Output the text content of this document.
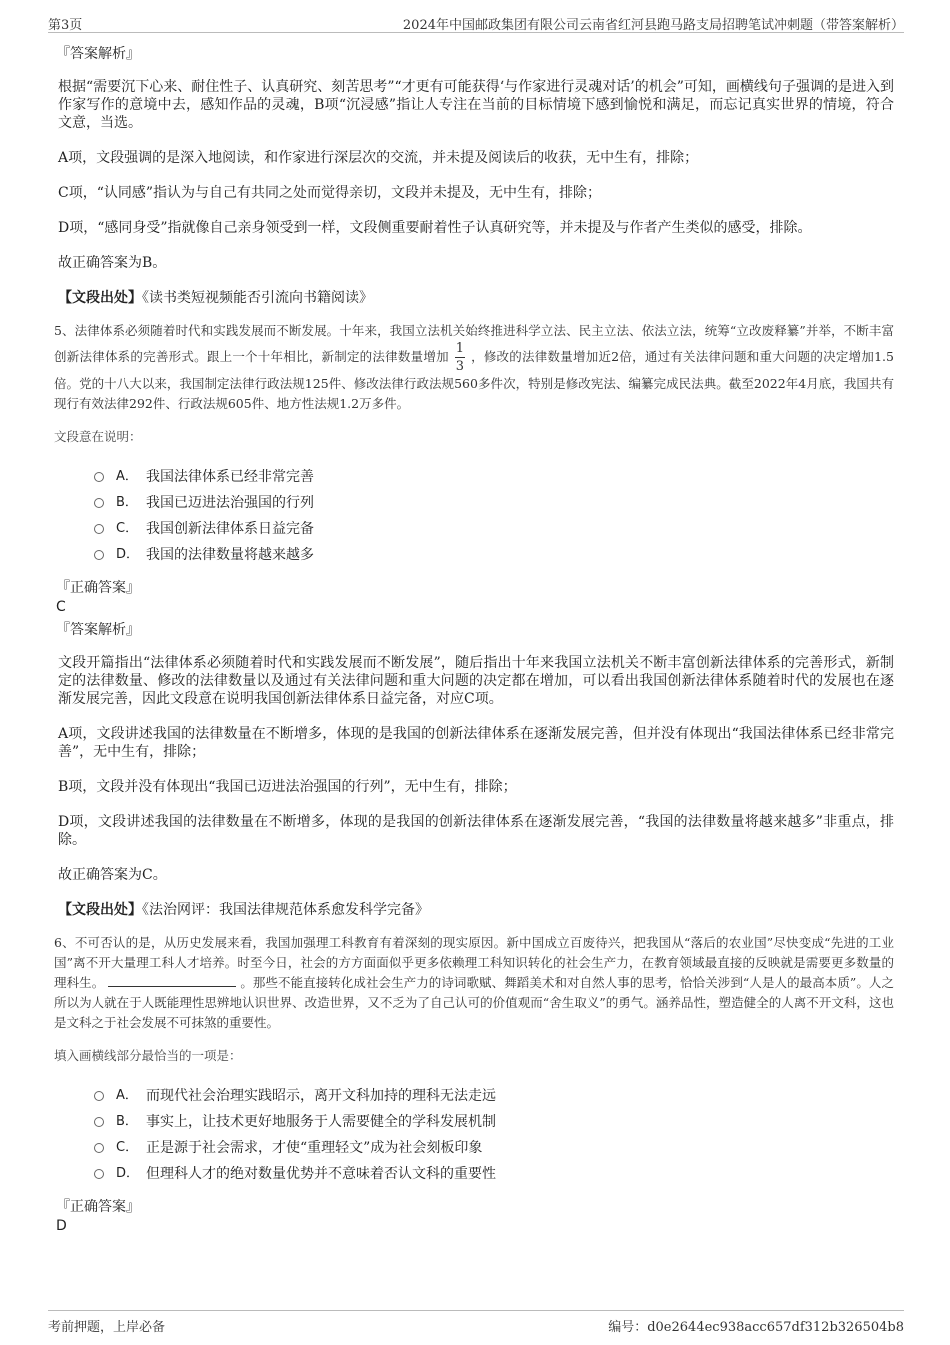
第3页	2024年中国邮政集团有限公司云南省红河县跑马路支局招聘笔试冲刺题（带答案解析）
『答案解析』

根据“需要沉下心来、耐住性子、认真研究、刻苦思考”“才更有可能获得‘与作家进行灵魂对话’的机会”可知，画横线句子强调的是进入到作家写作的意境中去，感知作品的灵魂，B项“沉浸感”指让人专注在当前的目标情境下感到愉悦和满足，而忘记真实世界的情境，符合文意，当选。

A项，文段强调的是深入地阅读，和作家进行深层次的交流，并未提及阅读后的收获，无中生有，排除；

C项，“认同感”指认为与自己有共同之处而觉得亲切，文段并未提及，无中生有，排除；

D项，“感同身受”指就像自己亲身领受到一样，文段侧重要耐着性子认真研究等，并未提及与作者产生类似的感受，排除。

故正确答案为B。

【文段出处】《读书类短视频能否引流向书籍阅读》

5、法律体系必须随着时代和实践发展而不断发展。十年来，我国立法机关始终推进科学立法、民主立法、依法立法，统筹“立改废释纂”并举，不断丰富创新法律体系的完善形式。跟上一个十年相比，新制定的法律数量增加 $\frac{1}{3}$ ，修改的法律数量增加近2倍，通过有关法律问题和重大问题的决定增加1.5倍。党的十八大以来，我国制定法律行政法规125件、修改法律行政法规560多件次，特别是修改宪法、编纂完成民法典。截至2022年4月底，我国共有现行有效法律292件、行政法规605件、地方性法规1.2万多件。

文段意在说明：

A． 我国法律体系已经非常完善
B． 我国已迈进法治强国的行列
C． 我国创新法律体系日益完备
D． 我国的法律数量将越来越多
『正确答案』
C
『答案解析』

文段开篇指出“法律体系必须随着时代和实践发展而不断发展”，随后指出十年来我国立法机关不断丰富创新法律体系的完善形式，新制定的法律数量、修改的法律数量以及通过有关法律问题和重大问题的决定都在增加，可以看出我国创新法律体系随着时代的发展也在逐渐发展完善，因此文段意在说明我国创新法律体系日益完备，对应C项。

A项，文段讲述我国的法律数量在不断增多，体现的是我国的创新法律体系在逐渐发展完善，但并没有体现出“我国法律体系已经非常完善”，无中生有，排除；

B项，文段并没有体现出“我国已迈进法治强国的行列”，无中生有，排除；

D项，文段讲述我国的法律数量在不断增多，体现的是我国的创新法律体系在逐渐发展完善，“我国的法律数量将越来越多”非重点，排除。

故正确答案为C。

【文段出处】《法治网评：我国法律规范体系愈发科学完备》

6、不可否认的是，从历史发展来看，我国加强理工科教育有着深刻的现实原因。新中国成立百废待兴，把我国从“落后的农业国”尽快变成“先进的工业国”离不开大量理工科人才培养。时至今日，社会的方方面面似乎更多依赖理工科知识转化的社会生产力，在教育领域最直接的反映就是需要更多数量的理科生。	。那些不能直接转化成社会生产力的诗词歌赋、舞蹈美术和对自然人事的思考，恰恰关涉到“人是人的最高本质”。人之所以为人就在于人既能理性思辨地认识世界、改造世界，又不乏为了自己认可的价值观而“舍生取义”的勇气。涵养品性，塑造健全的人离不开文科，这也是文科之于社会发展不可抹煞的重要性。

填入画横线部分最恰当的一项是：

A． 而现代社会治理实践昭示，离开文科加持的理科无法走远
B． 事实上，让技术更好地服务于人需要健全的学科发展机制
C． 正是源于社会需求，才使“重理轻文”成为社会刻板印象
D． 但理科人才的绝对数量优势并不意味着否认文科的重要性
『正确答案』
D
考前押题，上岸必备	编号：d0e2644ec938acc657df312b326504b8
